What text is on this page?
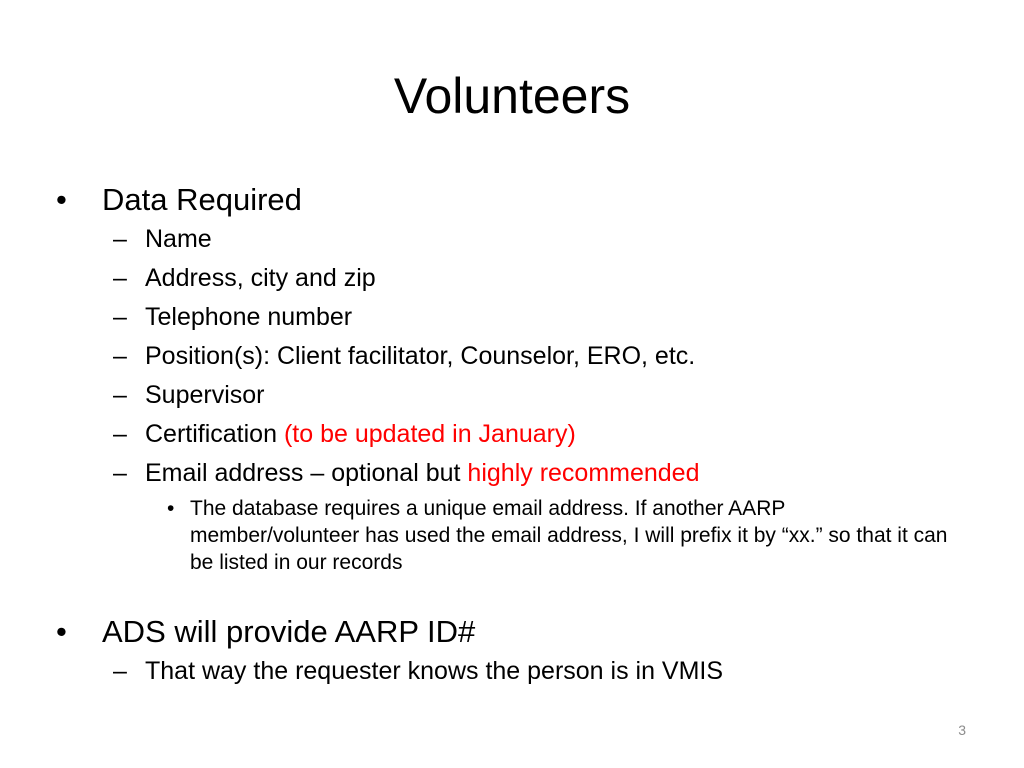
Volunteers
• Data Required
– Name
– Address, city and zip
– Telephone number
– Position(s): Client facilitator, Counselor, ERO, etc.
– Supervisor
– Certification (to be updated in January)
– Email address – optional but highly recommended
• The database requires a unique email address. If another AARP member/volunteer has used the email address, I will prefix it by “xx.” so that it can be listed in our records
• ADS will provide AARP ID#
– That way the requester knows the person is in VMIS
3
